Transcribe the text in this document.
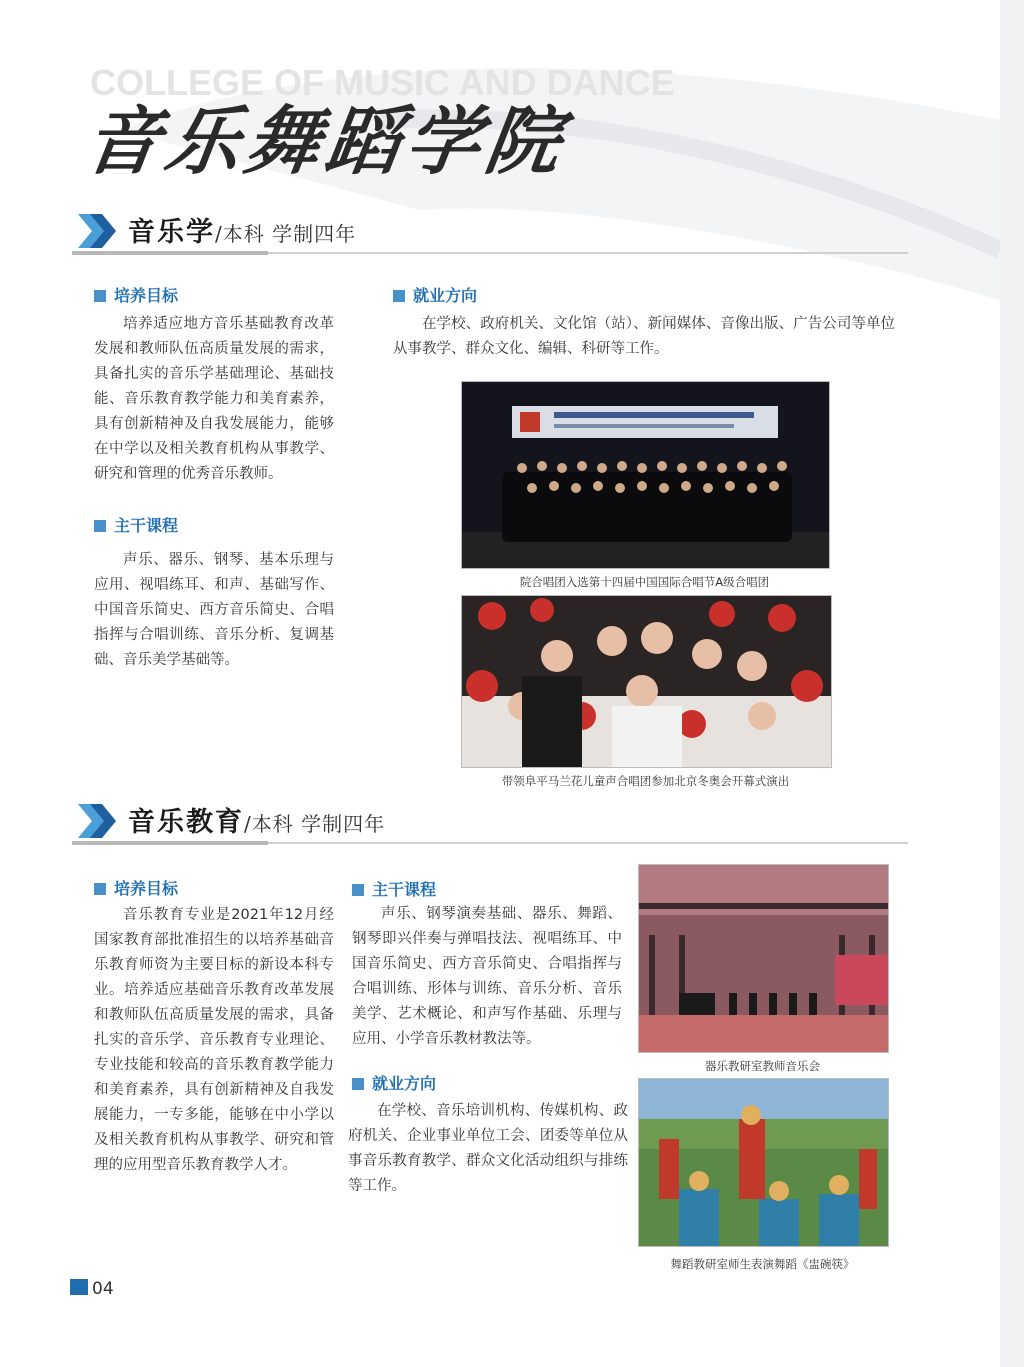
COLLEGE OF MUSIC AND DANCE
音乐舞蹈学院
音乐学/本科 学制四年
培养目标
培养适应地方音乐基础教育改革发展和教师队伍高质量发展的需求，具备扎实的音乐学基础理论、基础技能、音乐教育教学能力和美育素养，具有创新精神及自我发展能力，能够在中学以及相关教育机构从事教学、研究和管理的优秀音乐教师。
主干课程
声乐、器乐、钢琴、基本乐理与应用、视唱练耳、和声、基础写作、中国音乐简史、西方音乐简史、合唱指挥与合唱训练、音乐分析、复调基础、音乐美学基础等。
就业方向
在学校、政府机关、文化馆（站）、新闻媒体、音像出版、广告公司等单位从事教学、群众文化、编辑、科研等工作。
院合唱团入选第十四届中国国际合唱节A级合唱团
带领阜平马兰花儿童声合唱团参加北京冬奥会开幕式演出
音乐教育/本科 学制四年
培养目标
音乐教育专业是2021年12月经国家教育部批准招生的以培养基础音乐教育师资为主要目标的新设本科专业。培养适应基础音乐教育改革发展和教师队伍高质量发展的需求，具备扎实的音乐学、音乐教育专业理论、专业技能和较高的音乐教育教学能力和美育素养，具有创新精神及自我发展能力，一专多能，能够在中小学以及相关教育机构从事教学、研究和管理的应用型音乐教育教学人才。
主干课程
声乐、钢琴演奏基础、器乐、舞蹈、钢琴即兴伴奏与弹唱技法、视唱练耳、中国音乐简史、西方音乐简史、合唱指挥与合唱训练、形体与训练、音乐分析、音乐美学、艺术概论、和声写作基础、乐理与应用、小学音乐教材教法等。
就业方向
在学校、音乐培训机构、传媒机构、政府机关、企业事业单位工会、团委等单位从事音乐教育教学、群众文化活动组织与排练等工作。
器乐教研室教师音乐会
舞蹈教研室师生表演舞蹈《盅碗筷》
04
